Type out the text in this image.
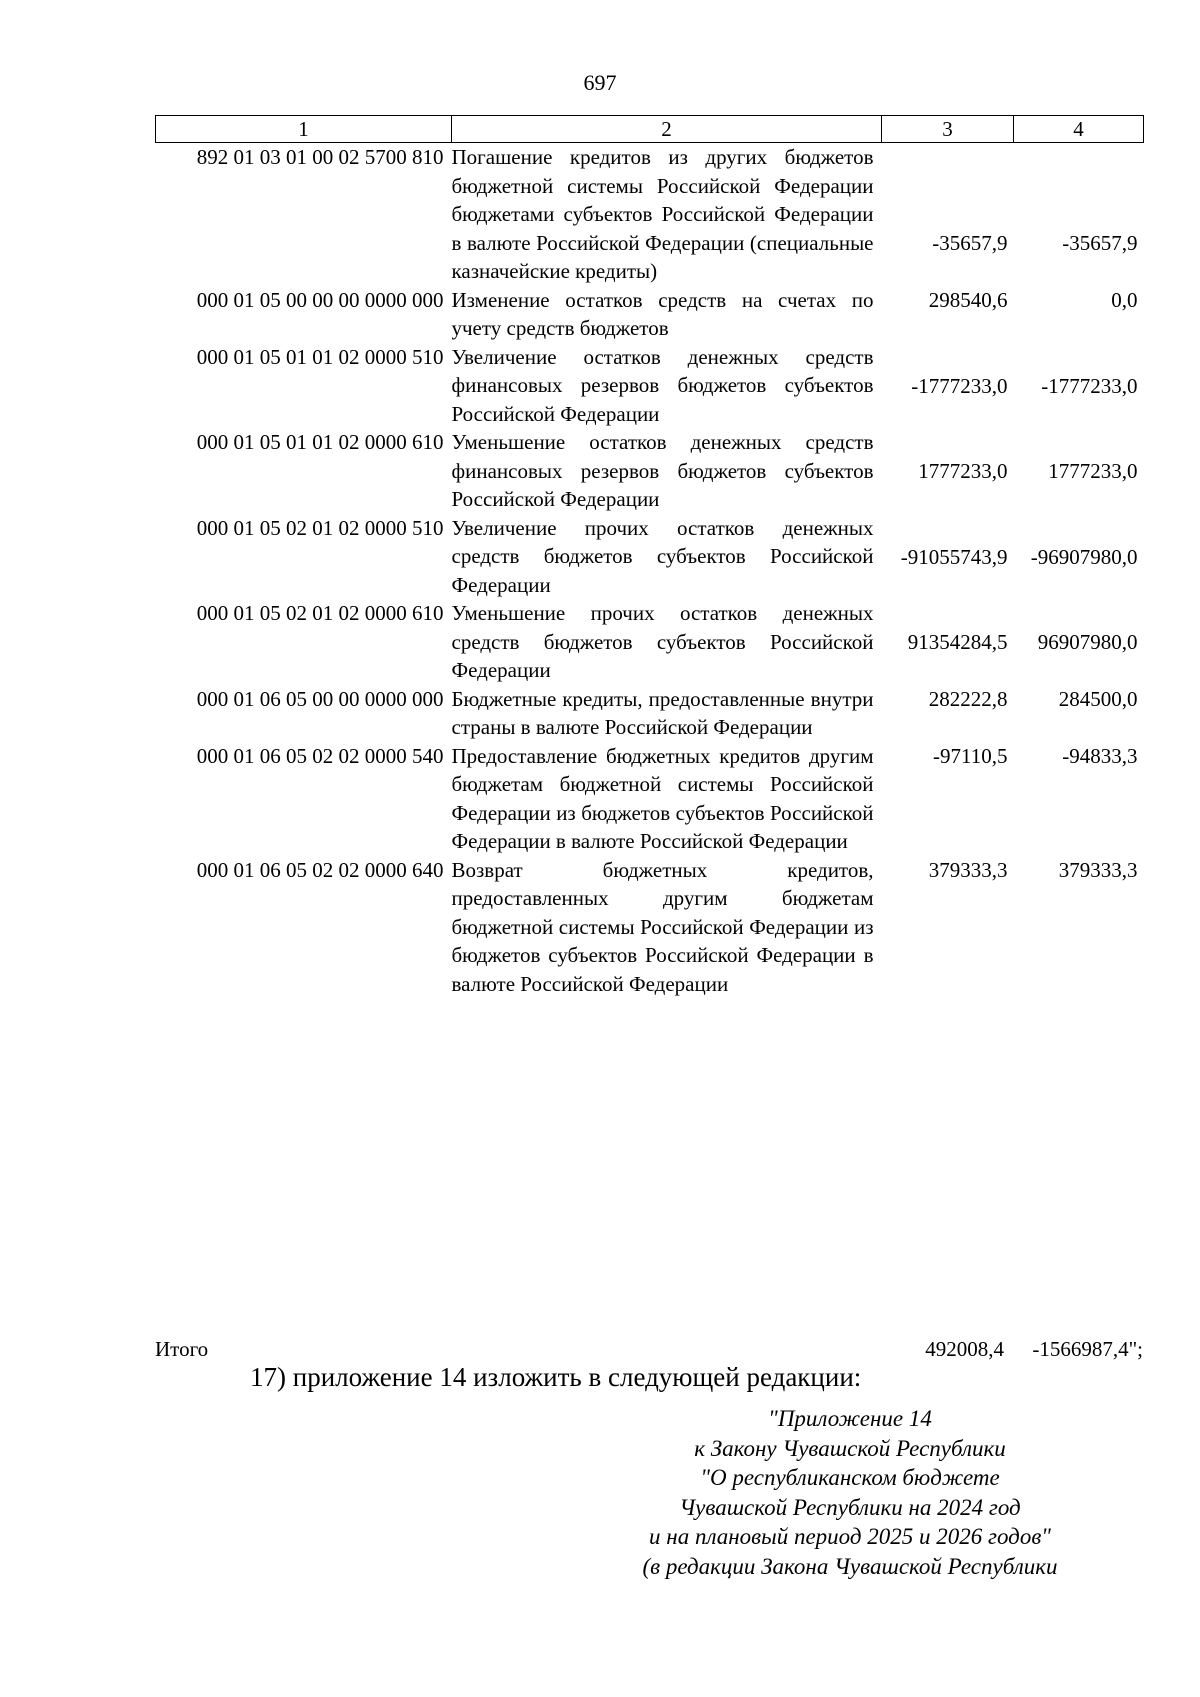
697
1	2	3	4
892 01 03 01 00 02 5700 810	Погашение кредитов из других бюджетов бюджетной системы Российской Федерации бюджетами субъектов Российской Федерации в валюте Российской Федерации (специальные казначейские кредиты)	-35657,9	-35657,9
000 01 05 00 00 00 0000 000	Изменение остатков средств на счетах по учету средств бюджетов	298540,6	0,0
000 01 05 01 01 02 0000 510	Увеличение остатков денежных средств финансовых резервов бюджетов субъектов Российской Федерации	-1777233,0	-1777233,0
000 01 05 01 01 02 0000 610	Уменьшение остатков денежных средств финансовых резервов бюджетов субъектов Российской Федерации	1777233,0	1777233,0
000 01 05 02 01 02 0000 510	Увеличение прочих остатков денежных средств бюджетов субъектов Российской Федерации	-91055743,9	-96907980,0
000 01 05 02 01 02 0000 610	Уменьшение прочих остатков денежных средств бюджетов субъектов Российской Федерации	91354284,5	96907980,0
000 01 06 05 00 00 0000 000	Бюджетные кредиты, предоставленные внутри страны в валюте Российской Федерации	282222,8	284500,0
000 01 06 05 02 02 0000 540	Предоставление бюджетных кредитов другим бюджетам бюджетной системы Российской Федерации из бюджетов субъектов Российской Федерации в валюте Российской Федерации	-97110,5	-94833,3
000 01 06 05 02 02 0000 640	Возврат бюджетных кредитов, предоставленных другим бюджетам бюджетной системы Российской Федерации из бюджетов субъектов Российской Федерации в валюте Российской Федерации	379333,3	379333,3
Итого	492008,4 -1566987,4";
17) приложение 14 изложить в следующей редакции:
"Приложение 14
к Закону Чувашской Республики
"О республиканском бюджете
Чувашской Республики на 2024 год
и на плановый период 2025 и 2026 годов"
(в редакции Закона Чувашской Республики
